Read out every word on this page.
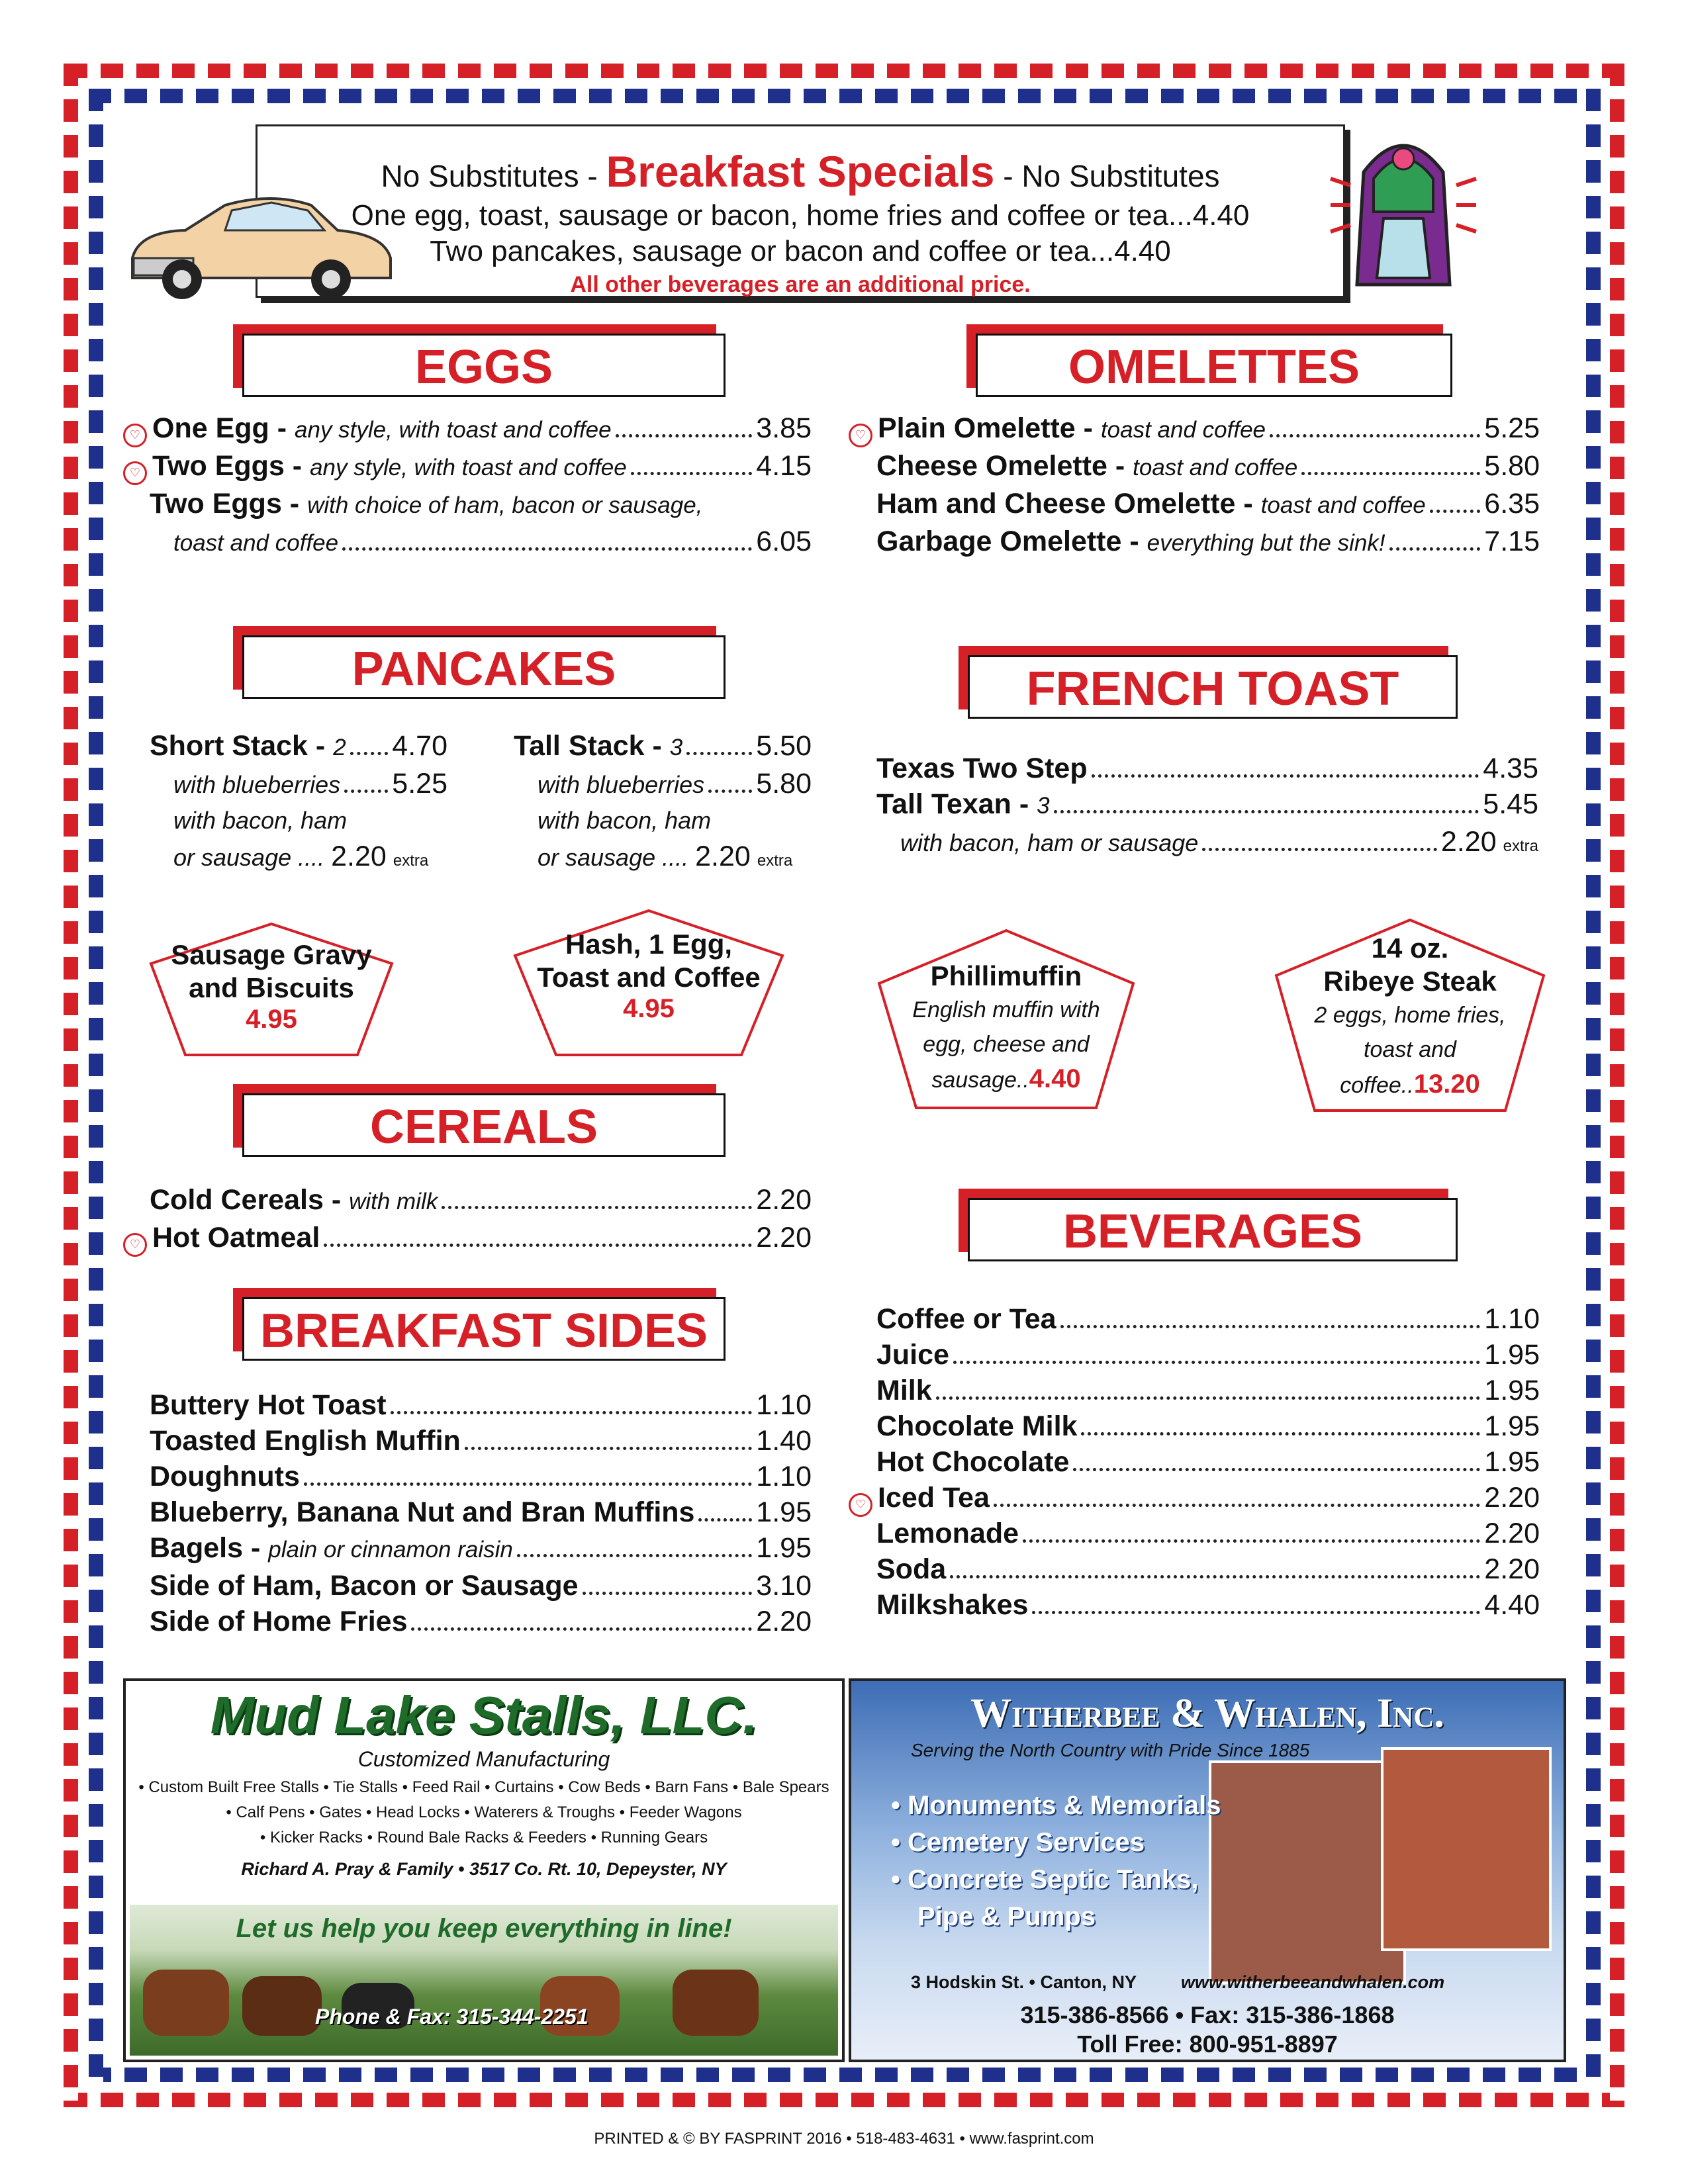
No Substitutes - Breakfast Specials - No Substitutes
One egg, toast, sausage or bacon, home fries and coffee or tea...4.40
Two pancakes, sausage or bacon and coffee or tea...4.40
All other beverages are an additional price.
EGGS
♡ One Egg -
any style, with toast and coffee	3.85
♡ Two Eggs -
any style, with toast and coffee	4.15
Two Eggs -
with choice of ham, bacon or sausage,
toast and coffee	6.05
OMELETTES
♡ Plain Omelette -
toast and coffee	5.25
Cheese Omelette -
toast and coffee	5.80
Ham and Cheese Omelette -
toast and coffee 6.35
Garbage Omelette -
everything but the sink!	7.15
PANCAKES
Short Stack -
2 4.70
with blueberries 5.25
with bacon, ham
or sausage .... 2.20
extra
Tall Stack -
3	5.50
with blueberries 5.80
with bacon, ham
or sausage .... 2.20
extra
FRENCH TOAST
Texas Two Step	4.35
Tall Texan -
3	5.45
with bacon, ham or sausage	2.20
extra
Sausage Gravy
and Biscuits
4.95
Hash, 1 Egg,
Toast and Coffee
4.95
Phillimuffin
English muffin with
egg, cheese and
sausage..4.40
14 oz.
Ribeye Steak
2 eggs, home fries,
toast and
coffee..13.20
CEREALS
Cold Cereals -
with milk	2.20
♡ Hot Oatmeal	2.20	BEVERAGES
Coffee or Tea	1.10
Juice	1.95
Milk	1.95
Chocolate Milk	1.95
Hot Chocolate	1.95
♡ Iced Tea	2.20
Lemonade	2.20
Soda	2.20
Milkshakes	4.40
BREAKFAST SIDES
Buttery Hot Toast	1.10
Toasted English Muffin	1.40
Doughnuts	1.10
Blueberry, Banana Nut and Bran Muffins 1.95
Bagels -
plain or cinnamon raisin	1.95
Side of Ham, Bacon or Sausage	3.10
Side of Home Fries	2.20
Mud Lake Stalls, LLC.
Customized Manufacturing
• Custom Built Free Stalls • Tie Stalls • Feed Rail • Curtains • Cow Beds • Barn Fans • Bale Spears
• Calf Pens • Gates • Head Locks • Waterers & Troughs • Feeder Wagons
• Kicker Racks • Round Bale Racks & Feeders • Running Gears
Richard A. Pray & Family • 3517 Co. Rt. 10, Depeyster, NY
Let us help you keep everything in line!
Phone & Fax: 315-344-2251
Witherbee & Whalen, Inc.
Serving the North Country with Pride Since 1885
• Monuments & Memorials
• Cemetery Services
• Concrete Septic Tanks,
Pipe & Pumps
3 Hodskin St. • Canton, NY	www.witherbeeandwhalen.com
315-386-8566 • Fax: 315-386-1868
Toll Free: 800-951-8897
PRINTED & © BY FASPRINT 2016 • 518-483-4631 • www.fasprint.com
